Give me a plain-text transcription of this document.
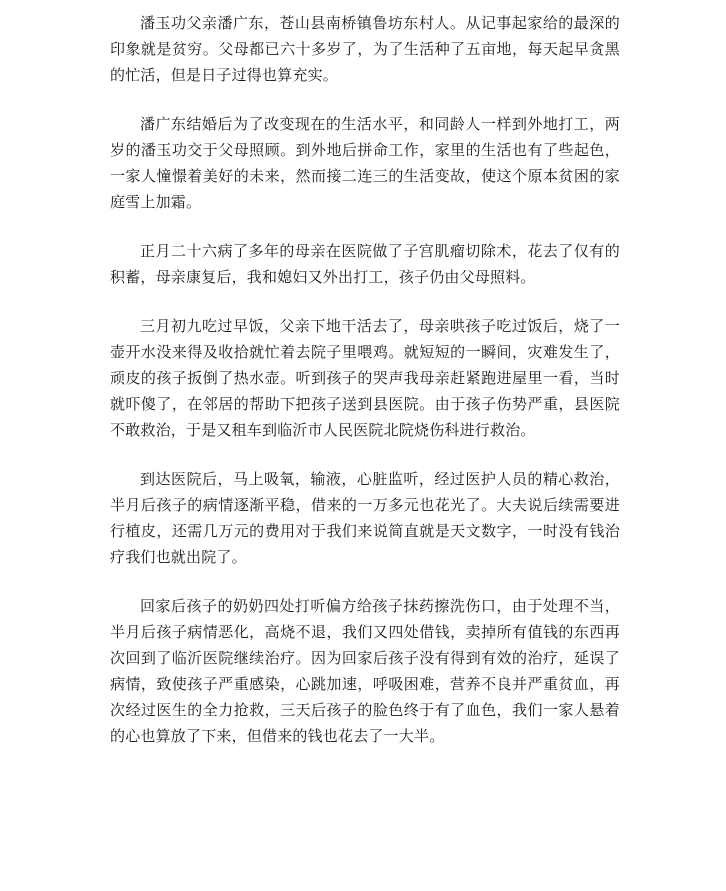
潘玉功父亲潘广东，苍山县南桥镇鲁坊东村人。从记事起家给的最深的印象就是贫穷。父母都已六十多岁了，为了生活种了五亩地，每天起早贪黑的忙活，但是日子过得也算充实。

潘广东结婚后为了改变现在的生活水平，和同龄人一样到外地打工，两岁的潘玉功交于父母照顾。到外地后拼命工作，家里的生活也有了些起色，一家人憧憬着美好的未来，然而接二连三的生活变故，使这个原本贫困的家庭雪上加霜。

正月二十六病了多年的母亲在医院做了子宫肌瘤切除术，花去了仅有的积蓄，母亲康复后，我和媳妇又外出打工，孩子仍由父母照料。

三月初九吃过早饭，父亲下地干活去了，母亲哄孩子吃过饭后，烧了一壶开水没来得及收拾就忙着去院子里喂鸡。就短短的一瞬间，灾难发生了，顽皮的孩子扳倒了热水壶。听到孩子的哭声我母亲赶紧跑进屋里一看，当时就吓傻了，在邻居的帮助下把孩子送到县医院。由于孩子伤势严重，县医院不敢救治，于是又租车到临沂市人民医院北院烧伤科进行救治。

到达医院后，马上吸氧，输液，心脏监听，经过医护人员的精心救治，半月后孩子的病情逐渐平稳，借来的一万多元也花光了。大夫说后续需要进行植皮，还需几万元的费用对于我们来说简直就是天文数字，一时没有钱治疗我们也就出院了。

回家后孩子的奶奶四处打听偏方给孩子抹药擦洗伤口，由于处理不当，半月后孩子病情恶化，高烧不退，我们又四处借钱，卖掉所有值钱的东西再次回到了临沂医院继续治疗。因为回家后孩子没有得到有效的治疗，延误了病情，致使孩子严重感染，心跳加速，呼吸困难，营养不良并严重贫血，再次经过医生的全力抢救，三天后孩子的脸色终于有了血色，我们一家人悬着的心也算放了下来，但借来的钱也花去了一大半。
